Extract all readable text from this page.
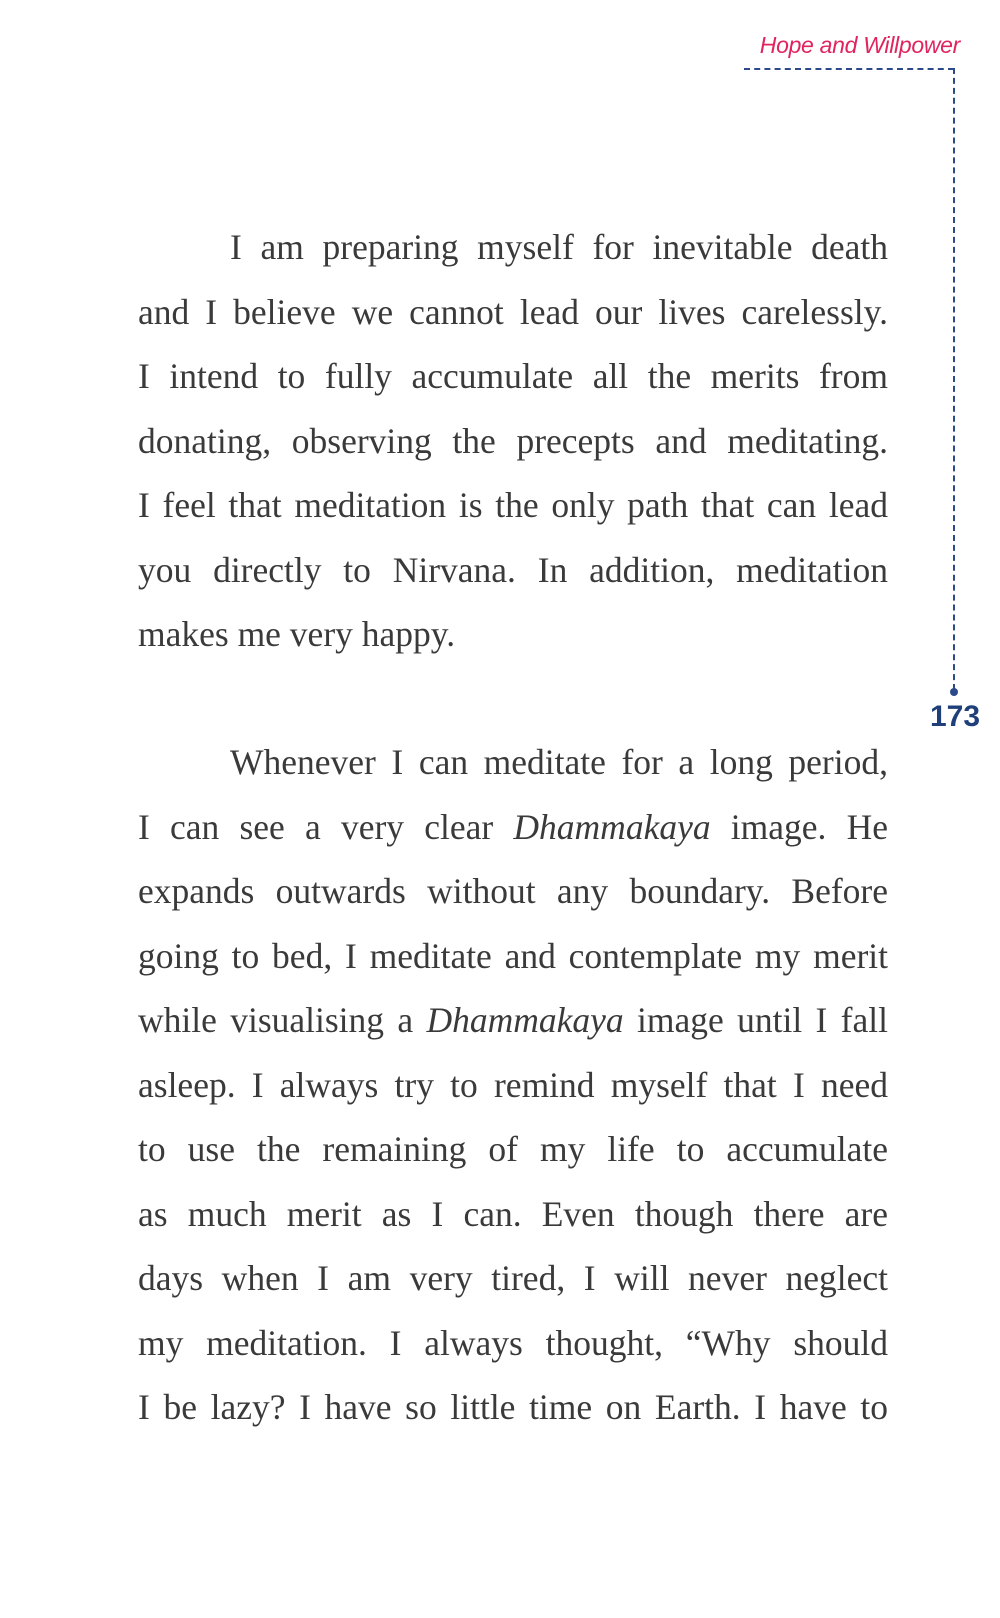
Hope and Willpower
173
I am preparing myself for inevitable death
and I believe we cannot lead our lives carelessly.
I intend to fully accumulate all the merits from
donating, observing the precepts and meditating.
I feel that meditation is the only path that can lead
you directly to Nirvana. In addition, meditation
makes me very happy.
Whenever I can meditate for a long period,
I can see a very clear Dhammakaya image. He
expands outwards without any boundary. Before
going to bed, I meditate and contemplate my merit
while visualising a Dhammakaya image until I fall
asleep. I always try to remind myself that I need
to use the remaining of my life to accumulate
as much merit as I can. Even though there are
days when I am very tired, I will never neglect
my meditation. I always thought, “Why should
I be lazy? I have so little time on Earth. I have to
